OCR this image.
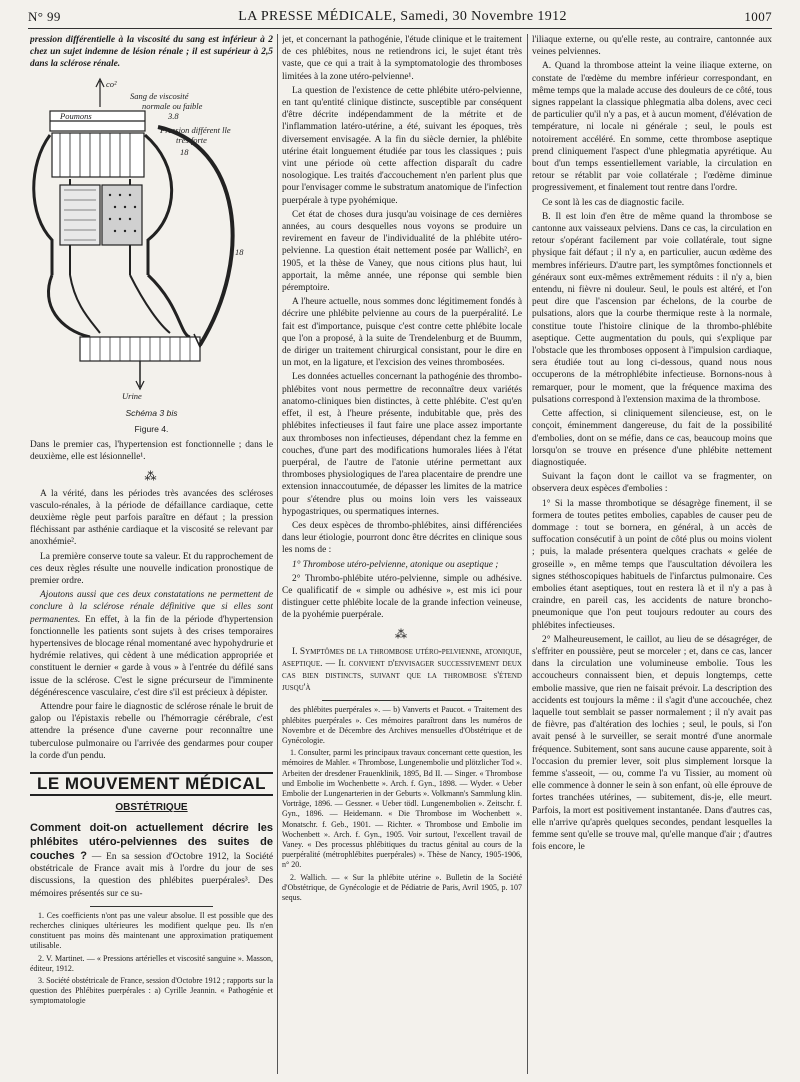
N° 99	LA PRESSE MÉDICALE, Samedi, 30 Novembre 1912	1007

pression différentielle à la viscosité du sang est inférieur à 2 chez un sujet indemne de lésion rénale ; il est supérieur à 2,5 dans la sclérose rénale.

co²
Sang de viscosité
normale ou faible
3.8
Poumons
Pression différent lle
très forte
18
18
Urine
Schéma 3 bis
Figure 4.

Dans le premier cas, l'hypertension est fonctionnelle ; dans le deuxième, elle est lésionnelle¹.

⁂

A la vérité, dans les périodes très avancées des scléroses vasculo-rénales, à la période de défaillance cardiaque, cette deuxième règle peut parfois paraître en défaut ; la pression fléchissant par asthénie cardiaque et la viscosité se relevant par anoxhémie².

La première conserve toute sa valeur. Et du rapprochement de ces deux règles résulte une nouvelle indication pronostique de premier ordre.

Ajoutons aussi que ces deux constatations ne permettent de conclure à la sclérose rénale définitive que si elles sont permanentes. En effet, à la fin de la période d'hypertension fonctionnelle les patients sont sujets à des crises temporaires hypertensives de blocage rénal momentané avec hypohydrurie et hydrémie relatives, qui cèdent à une médication appropriée et constituent le dernier « garde à vous » à l'entrée du défilé sans issue de la sclérose. C'est le signe précurseur de l'imminente dégénérescence vasculaire, c'est dire s'il est précieux à dépister.

Attendre pour faire le diagnostic de sclérose rénale le bruit de galop ou l'épistaxis rebelle ou l'hémorragie cérébrale, c'est attendre la présence d'une caverne pour reconnaître une tuberculose pulmonaire ou l'arrivée des gendarmes pour couper la corde d'un pendu.

LE MOUVEMENT MÉDICAL
OBSTÉTRIQUE

Comment doit-on actuellement décrire les phlébites utéro-pelviennes des suites de couches ? — En sa session d'Octobre 1912, la Société obstétricale de France avait mis à l'ordre du jour de ses discussions, la question des phlébites puerpérales³. Des mémoires présentés sur ce su-

1. Ces coefficients n'ont pas une valeur absolue. Il est possible que des recherches cliniques ultérieures les modifient quelque peu. Ils n'en constituent pas moins dès maintenant une approximation pratiquement utilisable.

2. V. Martinet. — « Pressions artérielles et viscosité sanguine ». Masson, éditeur, 1912.

3. Société obstétricale de France, session d'Octobre 1912 ; rapports sur la question des Phlébites puerpérales : a) Cyrille Jeannin. « Pathogénie et symptomatologie

jet, et concernant la pathogénie, l'étude clinique et le traitement de ces phlébites, nous ne retiendrons ici, le sujet étant très vaste, que ce qui a trait à la symptomatologie des thromboses limitées à la zone utéro-pelvienne¹.

La question de l'existence de cette phlébite utéro-pelvienne, en tant qu'entité clinique distincte, susceptible par conséquent d'être décrite indépendamment de la métrite et de l'inflammation latéro-utérine, a été, suivant les époques, très diversement envisagée. A la fin du siècle dernier, la phlébite utérine était longuement étudiée par tous les classiques ; puis vint une période où cette affection disparaît du cadre nosologique. Les traités d'accouchement n'en parlent plus que pour l'envisager comme le substratum anatomique de l'infection puerpérale à type pyohémique.

Cet état de choses dura jusqu'au voisinage de ces dernières années, au cours desquelles nous voyons se produire un revirement en faveur de l'individualité de la phlébite utéro-pelvienne. La question était nettement posée par Wallich², en 1905, et la thèse de Vaney, que nous citions plus haut, lui apportait, la même année, une réponse qui semble bien péremptoire.

A l'heure actuelle, nous sommes donc légitimement fondés à décrire une phlébite pelvienne au cours de la puerpéralité. Le fait est d'importance, puisque c'est contre cette phlébite locale que l'on a proposé, à la suite de Trendelenburg et de Buumm, de diriger un traitement chirurgical consistant, pour le dire en un mot, en la ligature, et l'excision des veines thrombosées.

Les données actuelles concernant la pathogénie des thrombo-phlébites vont nous permettre de reconnaître deux variétés anatomo-cliniques bien distinctes, à cette phlébite. C'est qu'en effet, il est, à l'heure présente, indubitable que, près des phlébites infectieuses il faut faire une place assez importante aux thromboses non infectieuses, dépendant chez la femme en couches, d'une part des modifications humorales liées à l'état puerpéral, de l'autre de l'atonie utérine permettant aux thromboses physiologiques de l'area placentaire de prendre une extension innaccoutumée, de dépasser les limites de la matrice pour s'étendre plus ou moins loin vers les vaisseaux hypogastriques, ou spermatiques internes.

Ces deux espèces de thrombo-phlébites, ainsi différenciées dans leur étiologie, pourront donc être décrites en clinique sous les noms de :

1° Thrombose utéro-pelvienne, atonique ou aseptique ;

2° Thrombo-phlébite utéro-pelvienne, simple ou adhésive. Ce qualificatif de « simple ou adhésive », est mis ici pour distinguer cette phlébite locale de la grande infection veineuse, de la pyohémie puerpérale.

⁂

I. Symptômes de la thrombose utéro-pelvienne, atonique, aseptique. — Il convient d'envisager successivement deux cas bien distincts, suivant que la thrombose s'étend jusqu'à

des phlébites puerpérales ». — b) Vanverts et Paucot. « Traitement des phlébites puerpérales ». Ces mémoires paraîtront dans les numéros de Novembre et de Décembre des Archives mensuelles d'Obstétrique et de Gynécologie.

1. Consulter, parmi les principaux travaux concernant cette question, les mémoires de Mahler. « Thrombose, Lungenembolie und plötzlicher Tod ». Arbeiten der dresdener Frauenklinik, 1895, Bd II. — Singer. « Thrombose und Embolie im Wochenbette ». Arch. f. Gyn., 1898. — Wyder. « Ueber Embolie der Lungenarterien in der Geburts ». Volkmann's Sammlung klin. Vorträge, 1896. — Gessner. « Ueber tödl. Lungenembolien ». Zeitschr. f. Gyn., 1896. — Heidemann. « Die Thrombose im Wochenbett ». Monatschr. f. Geb., 1901. — Richter. « Thrombose und Embolie im Wochenbett ». Arch. f. Gyn., 1905. Voir surtout, l'excellent travail de Vaney. « Des processus phlébitiques du tractus génital au cours de la puerpéralité (métrophlébites puerpérales) ». Thèse de Nancy, 1905-1906, n° 20.

2. Wallich. — « Sur la phlébite utérine ». Bulletin de la Société d'Obstétrique, de Gynécologie et de Pédiatrie de Paris, Avril 1905, p. 107 sequs.

l'iliaque externe, ou qu'elle reste, au contraire, cantonnée aux veines pelviennes.

A. Quand la thrombose atteint la veine iliaque externe, on constate de l'œdème du membre inférieur correspondant, en même temps que la malade accuse des douleurs de ce côté, tous signes rappelant la classique phlegmatia alba dolens, avec ceci de particulier qu'il n'y a pas, et à aucun moment, d'élévation de température, ni locale ni générale ; seul, le pouls est notoirement accéléré. En somme, cette thrombose aseptique prend cliniquement l'aspect d'une phlegmatia apyrétique. Au bout d'un temps essentiellement variable, la circulation en retour se rétablit par voie collatérale ; l'œdème diminue progressivement, et finalement tout rentre dans l'ordre.

Ce sont là les cas de diagnostic facile.

B. Il est loin d'en être de même quand la thrombose se cantonne aux vaisseaux pelviens. Dans ce cas, la circulation en retour s'opérant facilement par voie collatérale, tout signe physique fait défaut ; il n'y a, en particulier, aucun œdème des membres inférieurs. D'autre part, les symptômes fonctionnels et généraux sont eux-mêmes extrêmement réduits : il n'y a, bien entendu, ni fièvre ni douleur. Seul, le pouls est altéré, et l'on peut dire que l'ascension par échelons, de la courbe de pulsations, alors que la courbe thermique reste à la normale, constitue toute l'histoire clinique de la thrombo-phlébite aseptique. Cette augmentation du pouls, qui s'explique par l'obstacle que les thromboses opposent à l'impulsion cardiaque, sera étudiée tout au long ci-dessous, quand nous nous occuperons de la métrophlébite infectieuse. Bornons-nous à remarquer, pour le moment, que la fréquence maxima des pulsations correspond à l'extension maxima de la thrombose.

Cette affection, si cliniquement silencieuse, est, on le conçoit, éminemment dangereuse, du fait de la possibilité d'embolies, dont on se méfie, dans ce cas, beaucoup moins que lorsqu'on se trouve en présence d'une phlébite nettement diagnostiquée.

Suivant la façon dont le caillot va se fragmenter, on observera deux espèces d'embolies :

1° Si la masse thrombotique se désagrège finement, il se formera de toutes petites embolies, capables de causer peu de dommage : tout se bornera, en général, à un accès de suffocation consécutif à un point de côté plus ou moins violent ; puis, la malade présentera quelques crachats « gelée de groseille », en même temps que l'auscultation dévoilera les signes stéthoscopiques habituels de l'infarctus pulmonaire. Ces embolies étant aseptiques, tout en restera là et il n'y a pas à craindre, en pareil cas, les accidents de nature broncho-pneumonique que l'on peut toujours redouter au cours des phlébites infectieuses.

2° Malheureusement, le caillot, au lieu de se désagréger, de s'effriter en poussière, peut se morceler ; et, dans ce cas, lancer dans la circulation une volumineuse embolie. Tous les accoucheurs connaissent bien, et depuis longtemps, cette embolie massive, que rien ne faisait prévoir. La description des accidents est toujours la même : il s'agit d'une accouchée, chez laquelle tout semblait se passer normalement ; il n'y avait pas de fièvre, pas d'altération des lochies ; seul, le pouls, si l'on avait pensé à le surveiller, se serait montré d'une anormale fréquence. Subitement, sont sans aucune cause apparente, soit à l'occasion du premier lever, soit plus simplement lorsque la femme s'asseoit, — ou, comme l'a vu Tissier, au moment où elle commence à donner le sein à son enfant, où elle éprouve de fortes tranchées utérines, — subitement, dis-je, elle meurt. Parfois, la mort est positivement instantanée. Dans d'autres cas, elle n'arrive qu'après quelques secondes, pendant lesquelles la femme sent qu'elle se trouve mal, qu'elle manque d'air ; d'autres fois encore, le
